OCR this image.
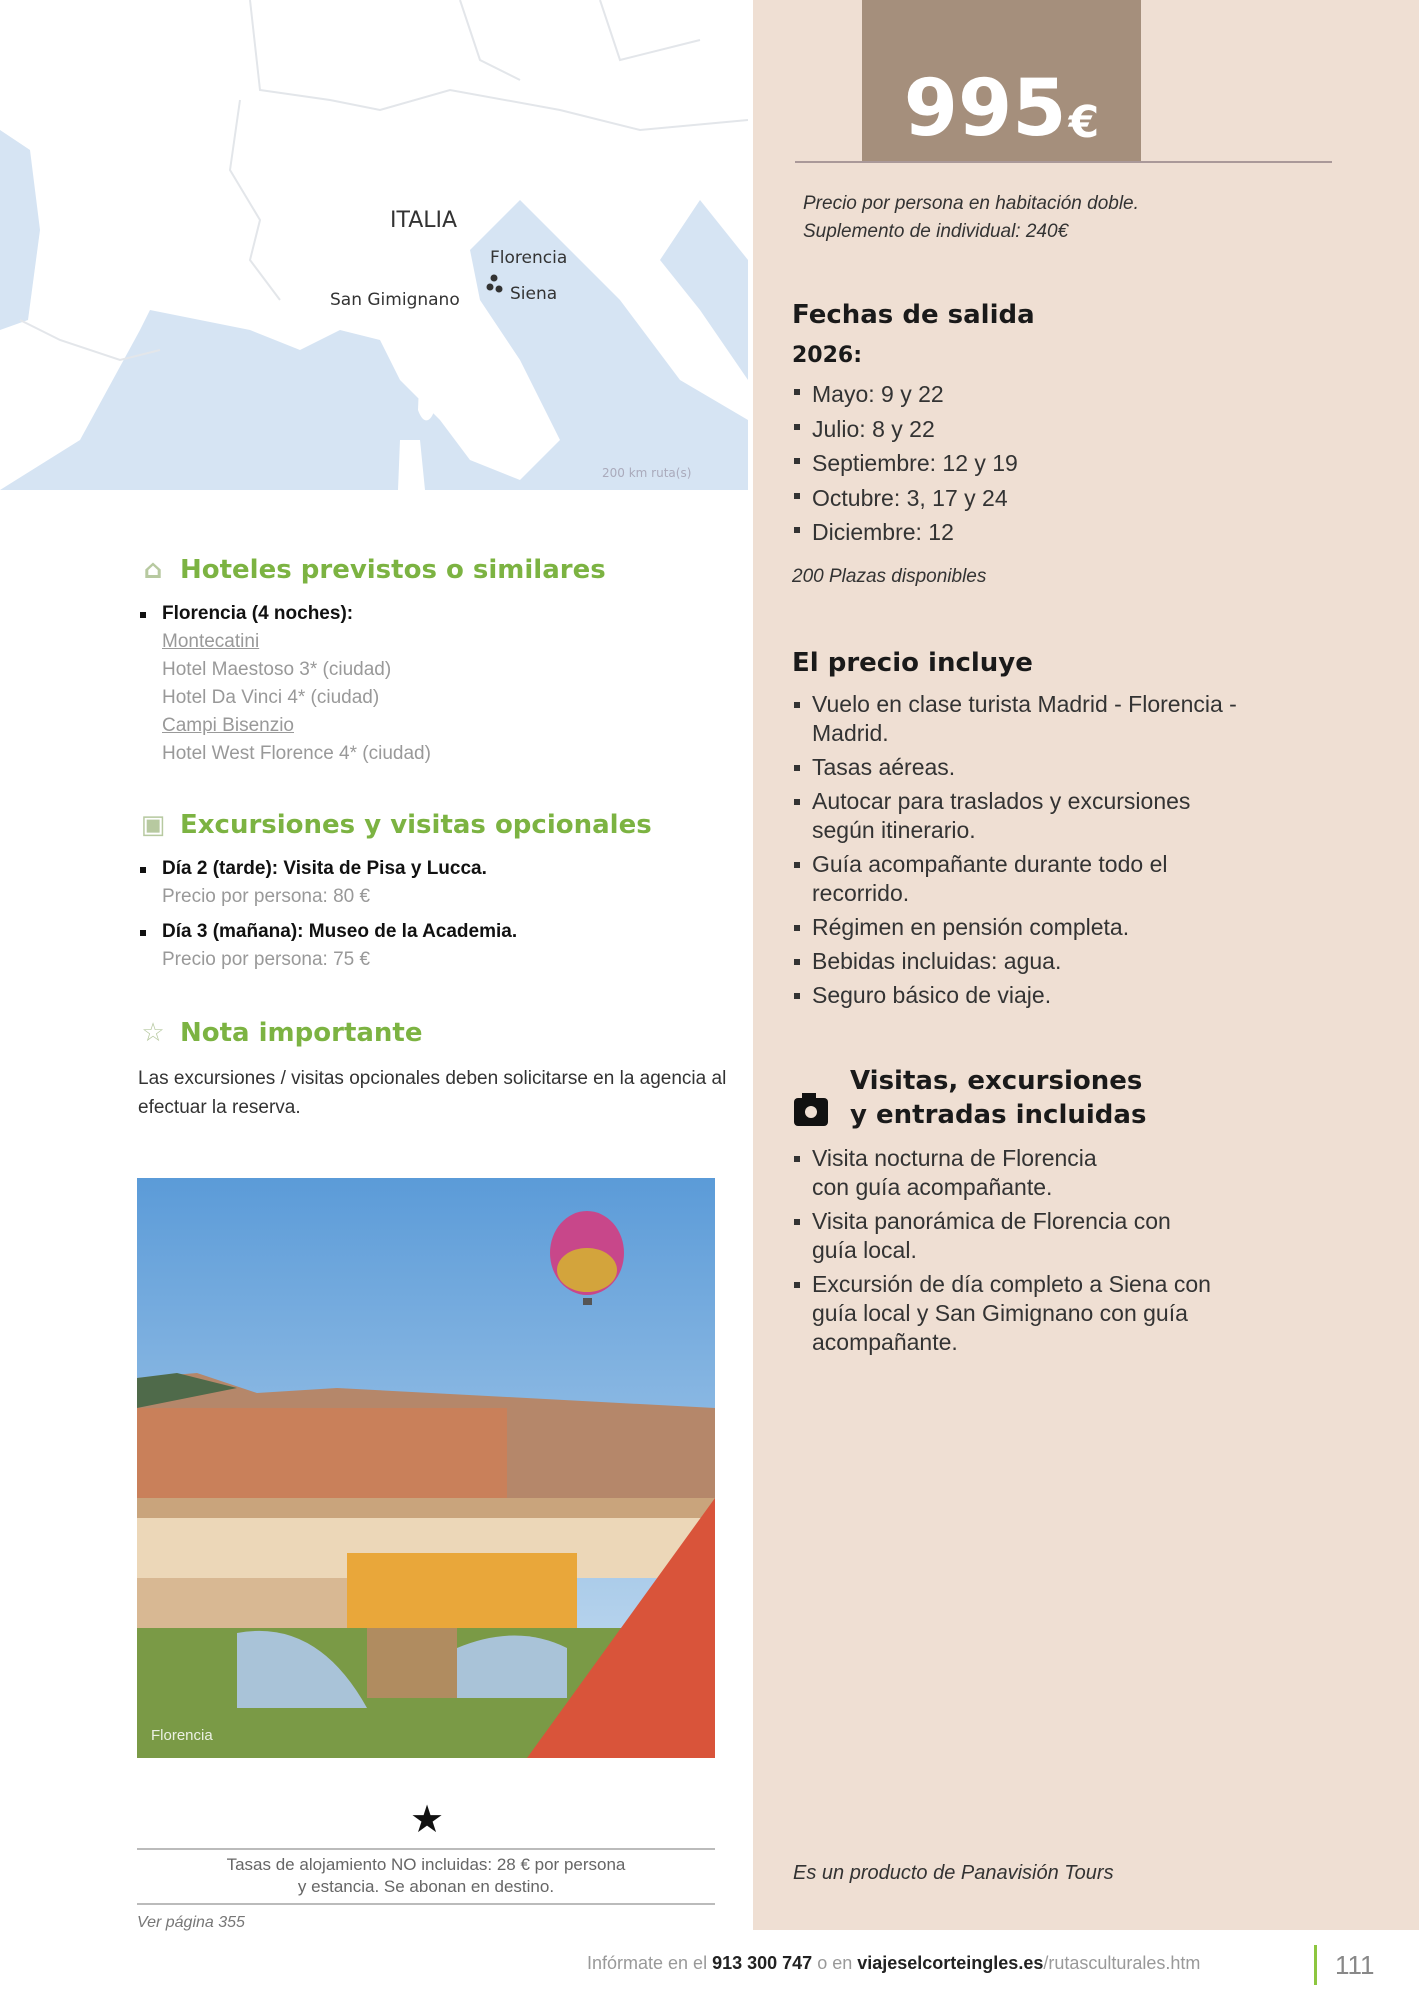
ITALIA
Florencia
San Gimignano	Siena
200 km ruta(s)
995 €
Precio por persona en habitación doble.
Suplemento de individual: 240€
Fechas de salida
2026:
Mayo: 9 y 22
Julio: 8 y 22
Septiembre: 12 y 19
Octubre: 3, 17 y 24
Diciembre: 12
200 Plazas disponibles
El precio incluye
Vuelo en clase turista Madrid - Florencia - Madrid.
Tasas aéreas.
Autocar para traslados y excursiones según itinerario.
Guía acompañante durante todo el recorrido.
Régimen en pensión completa.
Bebidas incluidas: agua.
Seguro básico de viaje.
Visitas, excursiones
y entradas incluidas
Visita nocturna de Florencia con guía acompañante.
Visita panorámica de Florencia con guía local.
Excursión de día completo a Siena con guía local y San Gimignano con guía acompañante.
Es un producto de Panavisión Tours
⌂ Hoteles previstos o similares
Florencia (4 noches):
Montecatini
Hotel Maestoso 3* (ciudad)
Hotel Da Vinci 4* (ciudad)
Campi Bisenzio
Hotel West Florence 4* (ciudad)
▣ Excursiones y visitas opcionales
Día 2 (tarde): Visita de Pisa y Lucca.
Precio por persona: 80 €
Día 3 (mañana): Museo de la Academia.
Precio por persona: 75 €
☆ Nota importante
Las excursiones / visitas opcionales deben solicitarse en la agencia al efectuar la reserva.
Florencia
★
Tasas de alojamiento NO incluidas: 28 € por persona
y estancia. Se abonan en destino.
Ver página 355
Infórmate en el 913 300 747 o en viajeselcorteingles.es/rutasculturales.htm	111
